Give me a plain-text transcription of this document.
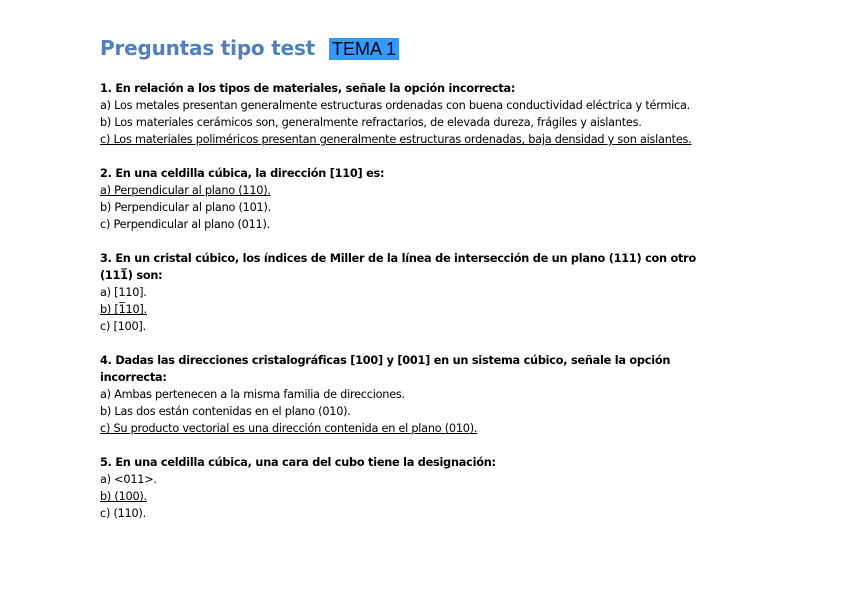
Preguntas tipo test TEMA 1
1. En relación a los tipos de materiales, señale la opción incorrecta:
a) Los metales presentan generalmente estructuras ordenadas con buena conductividad eléctrica y térmica.
b) Los materiales cerámicos son, generalmente refractarios, de elevada dureza, frágiles y aislantes.
c) Los materiales poliméricos presentan generalmente estructuras ordenadas, baja densidad y son aislantes.
2. En una celdilla cúbica, la dirección [110] es:
a) Perpendicular al plano (110).
b) Perpendicular al plano (101).
c) Perpendicular al plano (011).
3. En un cristal cúbico, los índices de Miller de la línea de intersección de un plano (111) con otro (111̅) son:
a) [110].
b) [1̅10].
c) [100].
4. Dadas las direcciones cristalográficas [100] y [001] en un sistema cúbico, señale la opción incorrecta:
a) Ambas pertenecen a la misma familia de direcciones.
b) Las dos están contenidas en el plano (010).
c) Su producto vectorial es una dirección contenida en el plano (010).
5. En una celdilla cúbica, una cara del cubo tiene la designación:
a) <011>.
b) (100).
c) (110).
